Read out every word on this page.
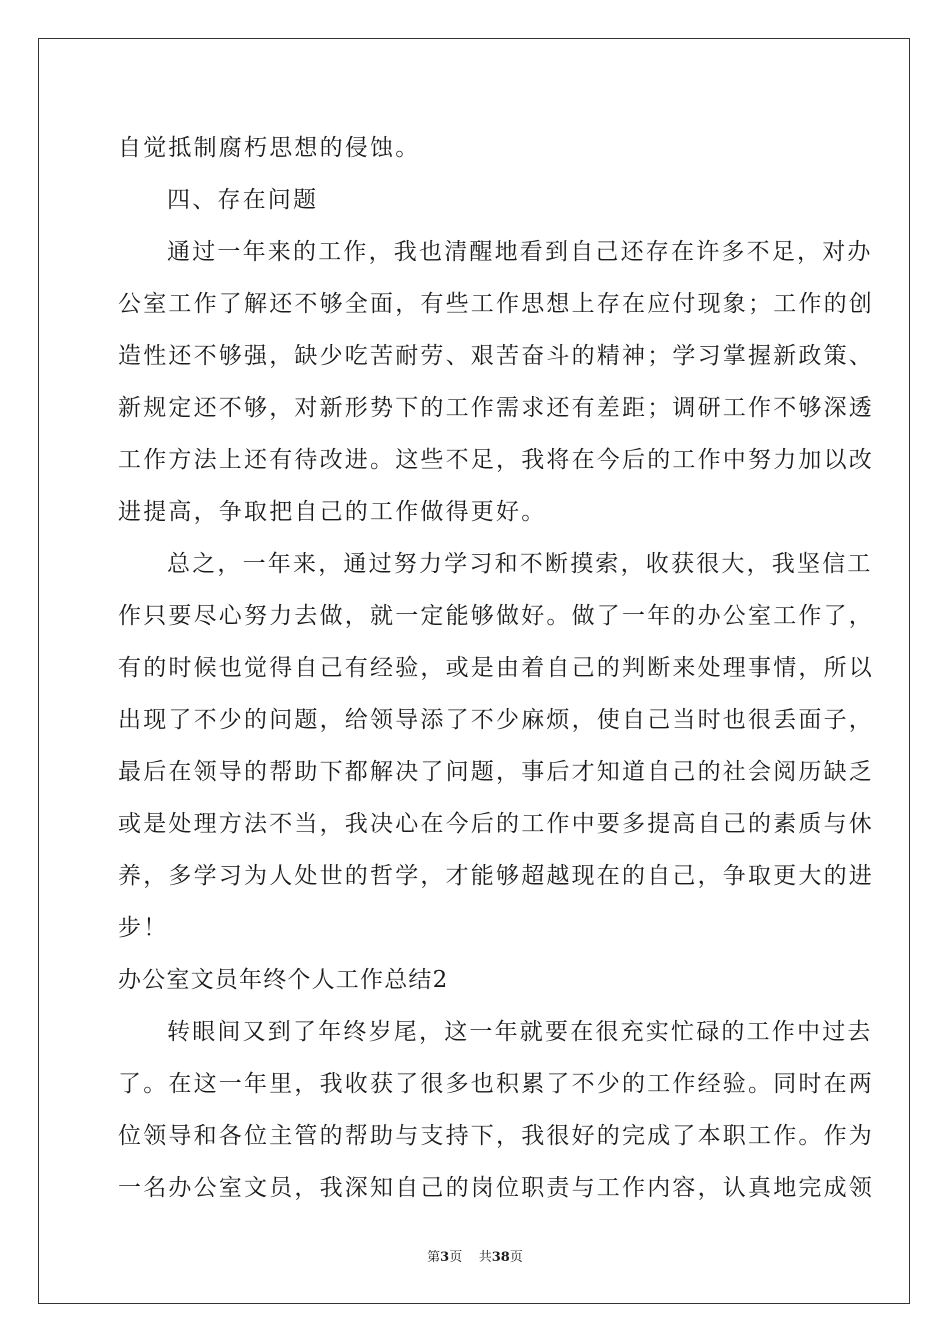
自觉抵制腐朽思想的侵蚀。
四、存在问题
通过一年来的工作，我也清醒地看到自己还存在许多不足，对办
公室工作了解还不够全面，有些工作思想上存在应付现象；工作的创
造性还不够强，缺少吃苦耐劳、艰苦奋斗的精神；学习掌握新政策、
新规定还不够，对新形势下的工作需求还有差距；调研工作不够深透
工作方法上还有待改进。这些不足，我将在今后的工作中努力加以改
进提高，争取把自己的工作做得更好。
总之，一年来，通过努力学习和不断摸索，收获很大，我坚信工
作只要尽心努力去做，就一定能够做好。做了一年的办公室工作了，
有的时候也觉得自己有经验，或是由着自己的判断来处理事情，所以
出现了不少的问题，给领导添了不少麻烦，使自己当时也很丢面子，
最后在领导的帮助下都解决了问题，事后才知道自己的社会阅历缺乏
或是处理方法不当，我决心在今后的工作中要多提高自己的素质与休
养，多学习为人处世的哲学，才能够超越现在的自己，争取更大的进
步！
办公室文员年终个人工作总结2
转眼间又到了年终岁尾，这一年就要在很充实忙碌的工作中过去
了。在这一年里，我收获了很多也积累了不少的工作经验。同时在两
位领导和各位主管的帮助与支持下，我很好的完成了本职工作。作为
一名办公室文员，我深知自己的岗位职责与工作内容，认真地完成领
第3页 共38页
